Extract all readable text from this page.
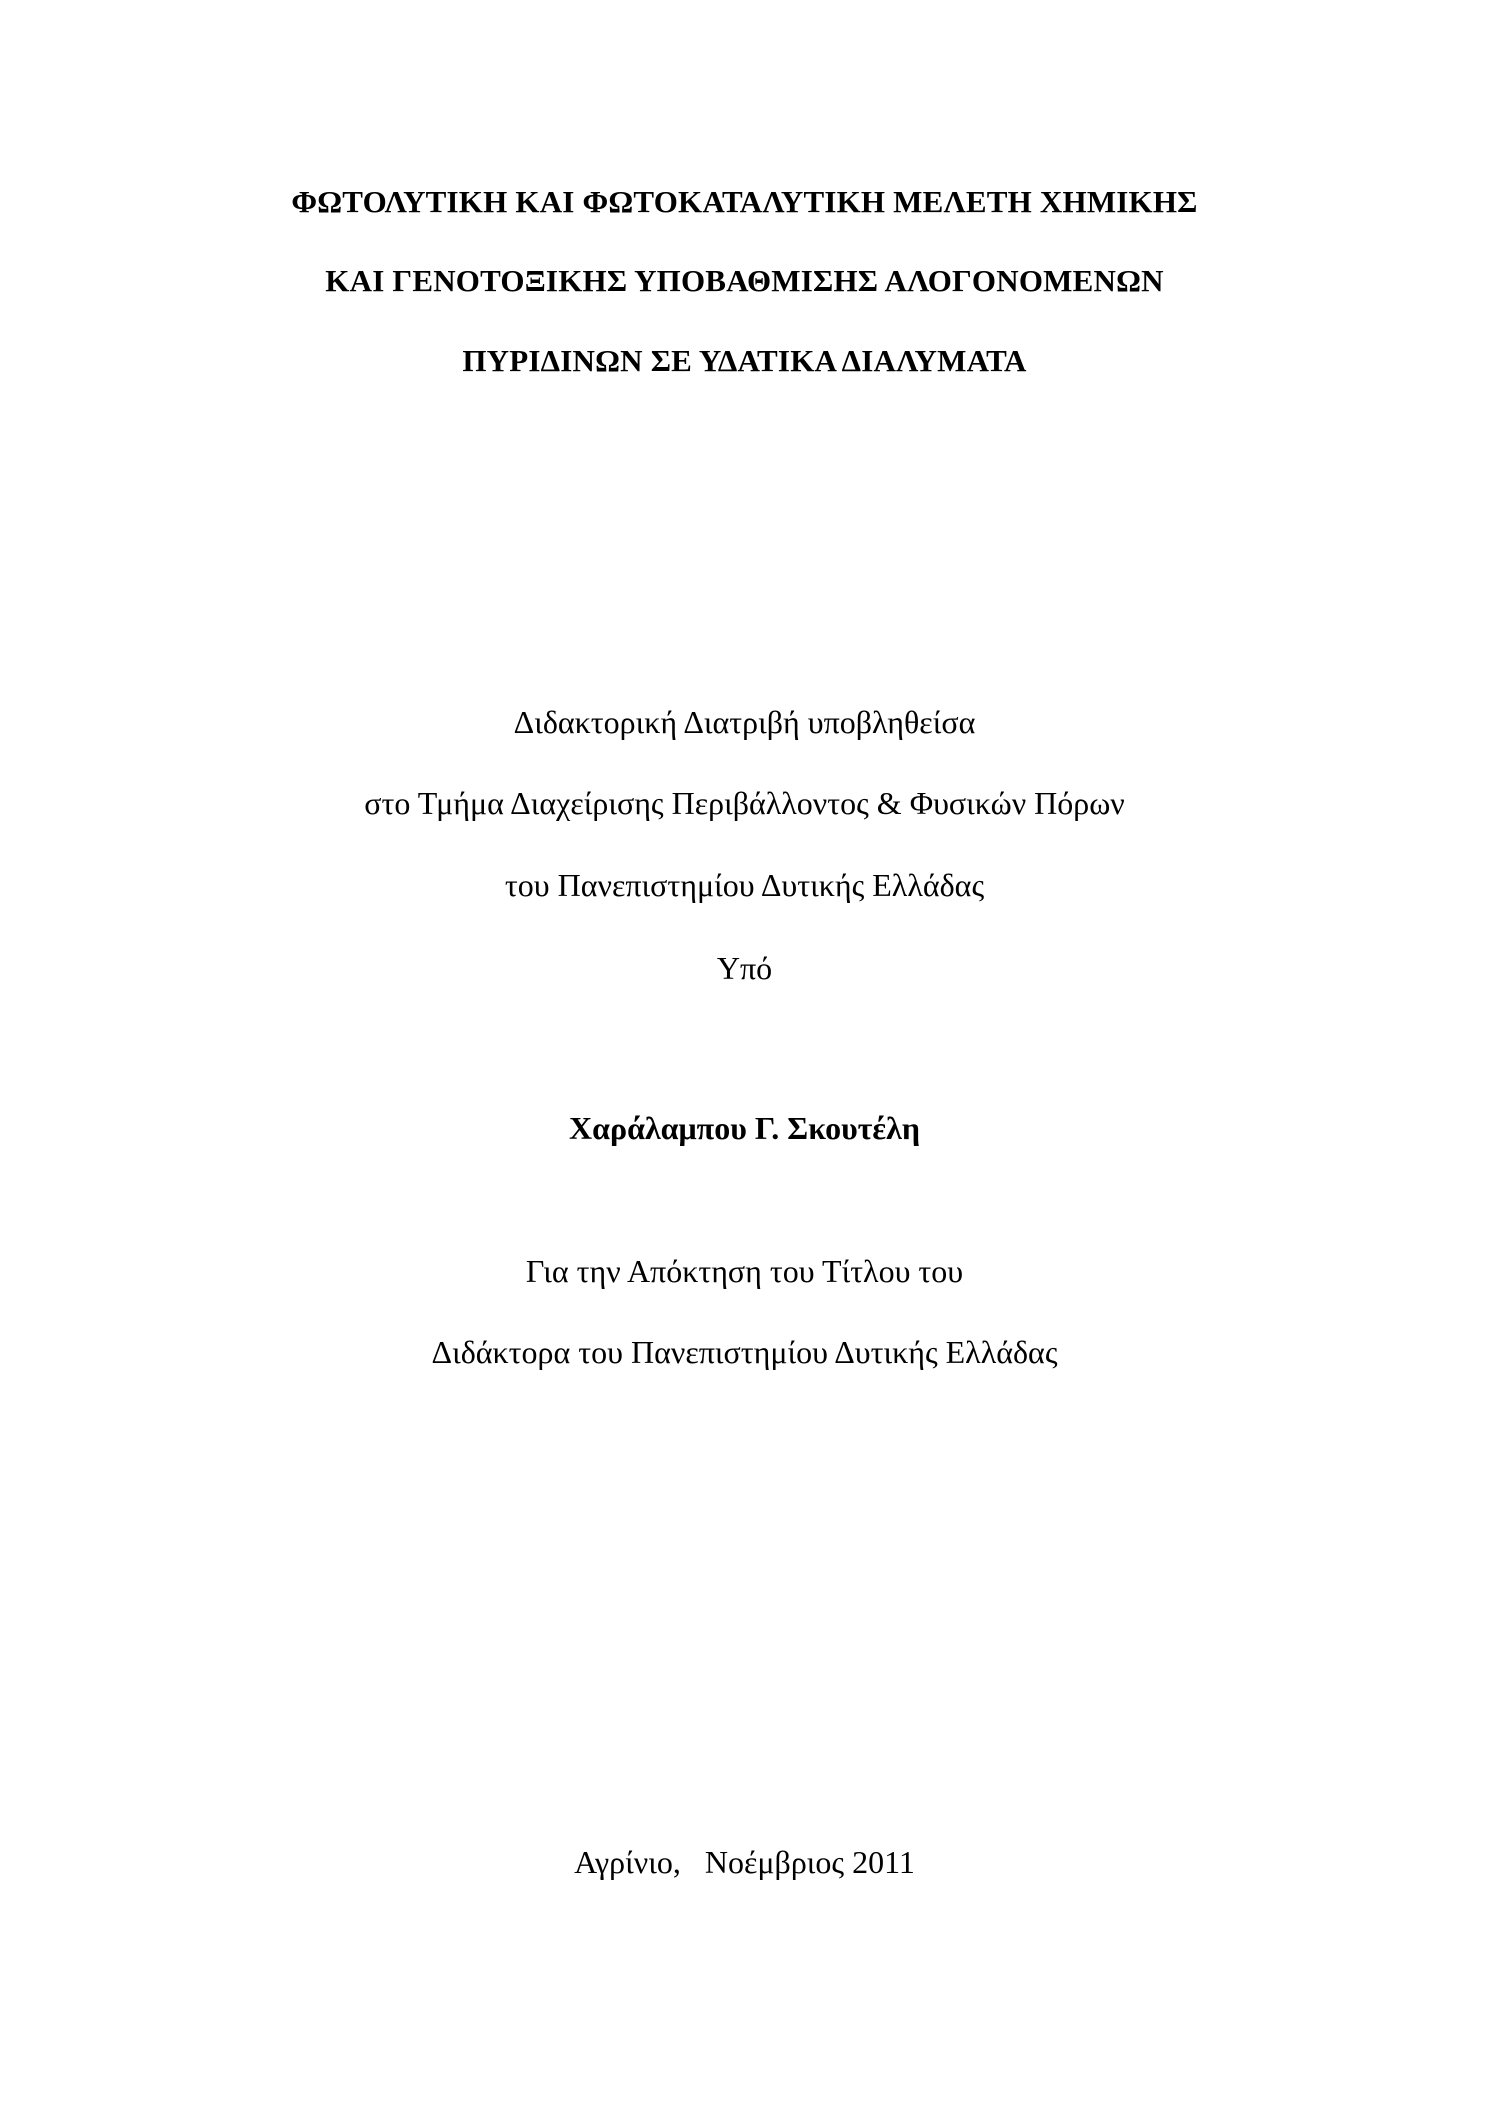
ΦΩΤΟΛΥΤΙΚΗ ΚΑΙ ΦΩΤΟΚΑΤΑΛΥΤΙΚΗ ΜΕΛΕΤΗ ΧΗΜΙΚΗΣ
ΚΑΙ ΓΕΝΟΤΟΞΙΚΗΣ ΥΠΟΒΑΘΜΙΣΗΣ ΑΛΟΓΟΝΟΜΕΝΩΝ
ΠΥΡΙΔΙΝΩΝ ΣΕ ΥΔΑΤΙΚΑ ΔΙΑΛΥΜΑΤΑ
Διδακτορική Διατριβή υποβληθείσα
στο Τμήμα Διαχείρισης Περιβάλλοντος & Φυσικών Πόρων
του Πανεπιστημίου Δυτικής Ελλάδας
Υπό
Χαράλαμπου Γ. Σκουτέλη
Για την Απόκτηση του Τίτλου του
Διδάκτορα του Πανεπιστημίου Δυτικής Ελλάδας
Αγρίνιο,   Νοέμβριος 2011
